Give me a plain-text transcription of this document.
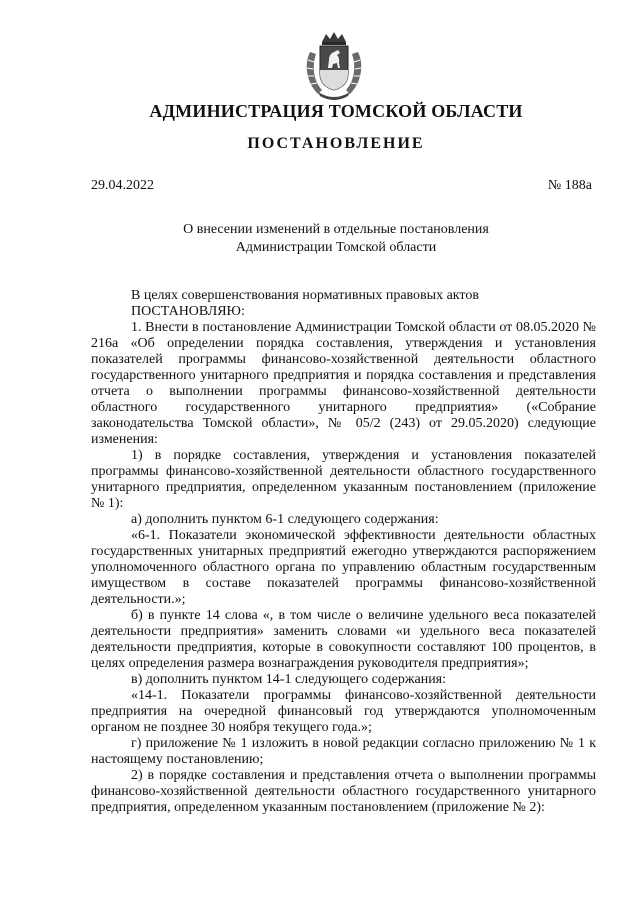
АДМИНИСТРАЦИЯ ТОМСКОЙ ОБЛАСТИ
ПОСТАНОВЛЕНИЕ
29.04.2022	№ 188а
О внесении изменений в отдельные постановления
Администрации Томской области

В целях совершенствования нормативных правовых актов

ПОСТАНОВЛЯЮ:

1. Внести в постановление Администрации Томской области от 08.05.2020 № 216а «Об определении порядка составления, утверждения и установления показателей программы финансово-хозяйственной деятельности областного государственного унитарного предприятия и порядка составления и представления отчета о выполнении программы финансово-хозяйственной деятельности областного государственного унитарного предприятия» («Собрание законодательства Томской области», № 05/2 (243) от 29.05.2020) следующие изменения:

1) в порядке составления, утверждения и установления показателей программы финансово-хозяйственной деятельности областного государственного унитарного предприятия, определенном указанным постановлением (приложение № 1):

а) дополнить пунктом 6-1 следующего содержания:

«6-1. Показатели экономической эффективности деятельности областных государственных унитарных предприятий ежегодно утверждаются распоряжением уполномоченного областного органа по управлению областным государственным имуществом в составе показателей программы финансово-хозяйственной деятельности.»;

б) в пункте 14 слова «, в том числе о величине удельного веса показателей деятельности предприятия» заменить словами «и удельного веса показателей деятельности предприятия, которые в совокупности составляют 100 процентов, в целях определения размера вознаграждения руководителя предприятия»;

в) дополнить пунктом 14-1 следующего содержания:

«14-1. Показатели программы финансово-хозяйственной деятельности предприятия на очередной финансовый год утверждаются уполномоченным органом не позднее 30 ноября текущего года.»;

г) приложение № 1 изложить в новой редакции согласно приложению № 1 к настоящему постановлению;

2) в порядке составления и представления отчета о выполнении программы финансово-хозяйственной деятельности областного государственного унитарного предприятия, определенном указанным постановлением (приложение № 2):
